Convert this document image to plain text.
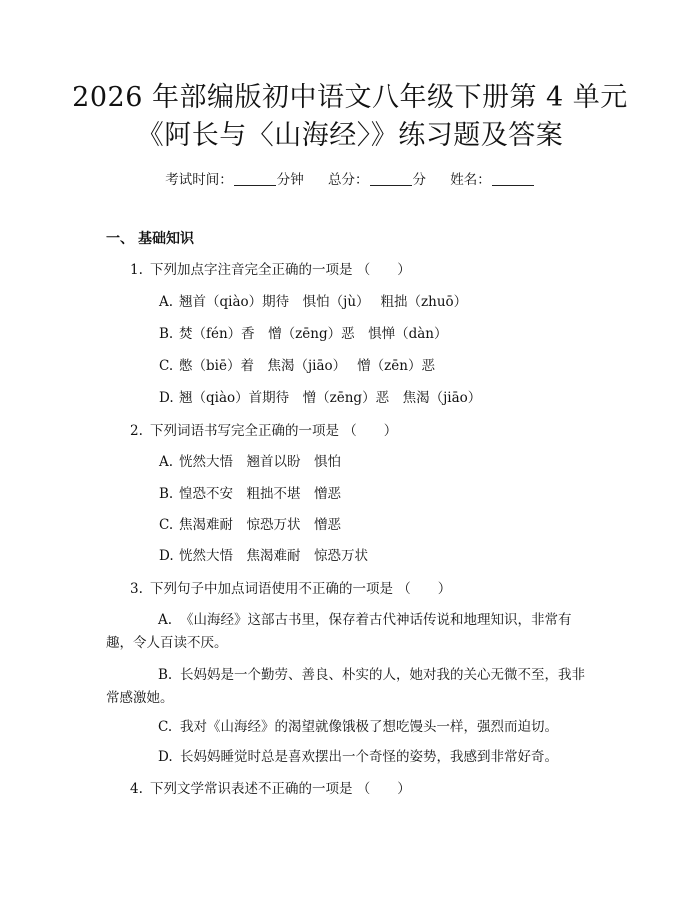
2026 年部编版初中语文八年级下册第 4 单元
《阿长与〈山海经〉》练习题及答案
考试时间：	分钟 总分：	分 姓名：
一、 基础知识
1. 下列加点字注音完全正确的一项是 （　　）
A. 翘首（qiào）期待　惧怕（jù）　 粗拙（zhuō）
B. 焚（fén）香　憎（zēng）恶　惧惮（dàn）
C. 憋（biē）着　焦渴（jiāo）　 憎（zēn）恶
D. 翘（qiào）首期待　憎（zēng）恶　焦渴（jiāo）
2. 下列词语书写完全正确的一项是 （　　）
A. 恍然大悟　翘首以盼　惧怕
B. 惶恐不安　粗拙不堪　憎恶
C. 焦渴难耐　惊恐万状　憎恶
D. 恍然大悟　焦渴难耐　惊恐万状
3. 下列句子中加点词语使用不正确的一项是 （　　）
A. 《山海经》这部古书里，保存着古代神话传说和地理知识，非常有趣，令人百读不厌。
B. 长妈妈是一个勤劳、善良、朴实的人，她对我的关心无微不至，我非常感激她。
C. 我对《山海经》的渴望就像饿极了想吃馒头一样，强烈而迫切。
D. 长妈妈睡觉时总是喜欢摆出一个奇怪的姿势，我感到非常好奇。
4. 下列文学常识表述不正确的一项是 （　　）
